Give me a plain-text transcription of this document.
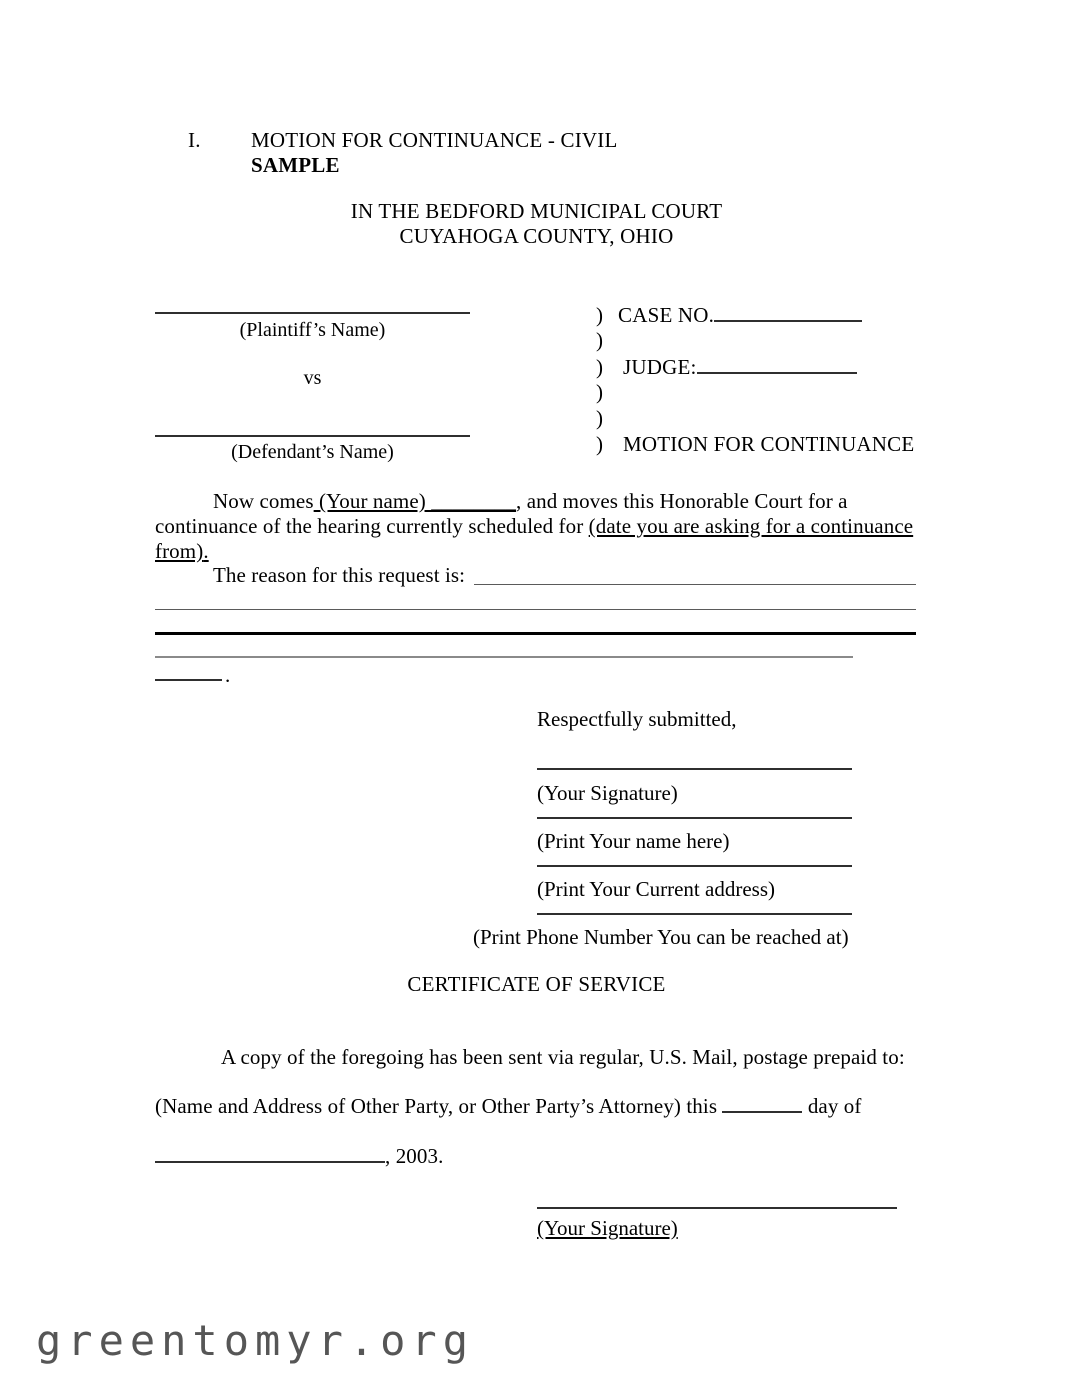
I. MOTION FOR CONTINUANCE - CIVIL
SAMPLE
IN THE BEDFORD MUNICIPAL COURT
CUYAHOGA COUNTY, OHIO
(Plaintiff’s Name)
vs
(Defendant’s Name)
) CASE NO.
)
) JUDGE:
)
)
) MOTION FOR CONTINUANCE
Now comes (Your name) ________, and moves this Honorable Court for a continuance of the hearing currently scheduled for (date you are asking for a continuance from).
The reason for this request is:
.
Respectfully submitted,
(Your Signature)
(Print Your name here)
(Print Your Current address)
(Print Phone Number You can be reached at)
CERTIFICATE OF SERVICE
A copy of the foregoing has been sent via regular, U.S. Mail, postage prepaid to:
(Name and Address of Other Party, or Other Party’s Attorney) this	day of
, 2003.
(Your Signature)
greentomyr.org
